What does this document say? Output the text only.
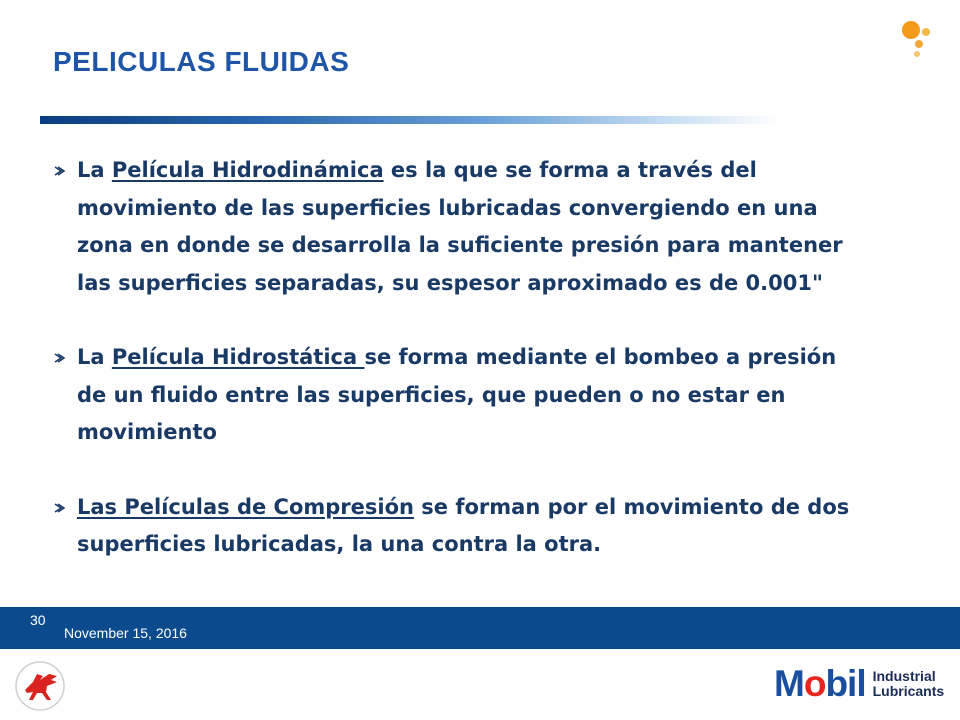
PELICULAS FLUIDAS

La Película Hidrodinámica es la que se forma a través del movimiento de las superficies lubricadas convergiendo en una zona en donde se desarrolla la suficiente presión para mantener las superficies separadas, su espesor aproximado es de 0.001"

La Película Hidrostática se forma mediante el bombeo a presión de un fluido entre las superficies, que pueden o no estar en movimiento

Las Películas de Compresión se forman por el movimiento de dos superficies lubricadas, la una contra la otra.

30
November 15, 2016
Mobil Industrial
Lubricants
